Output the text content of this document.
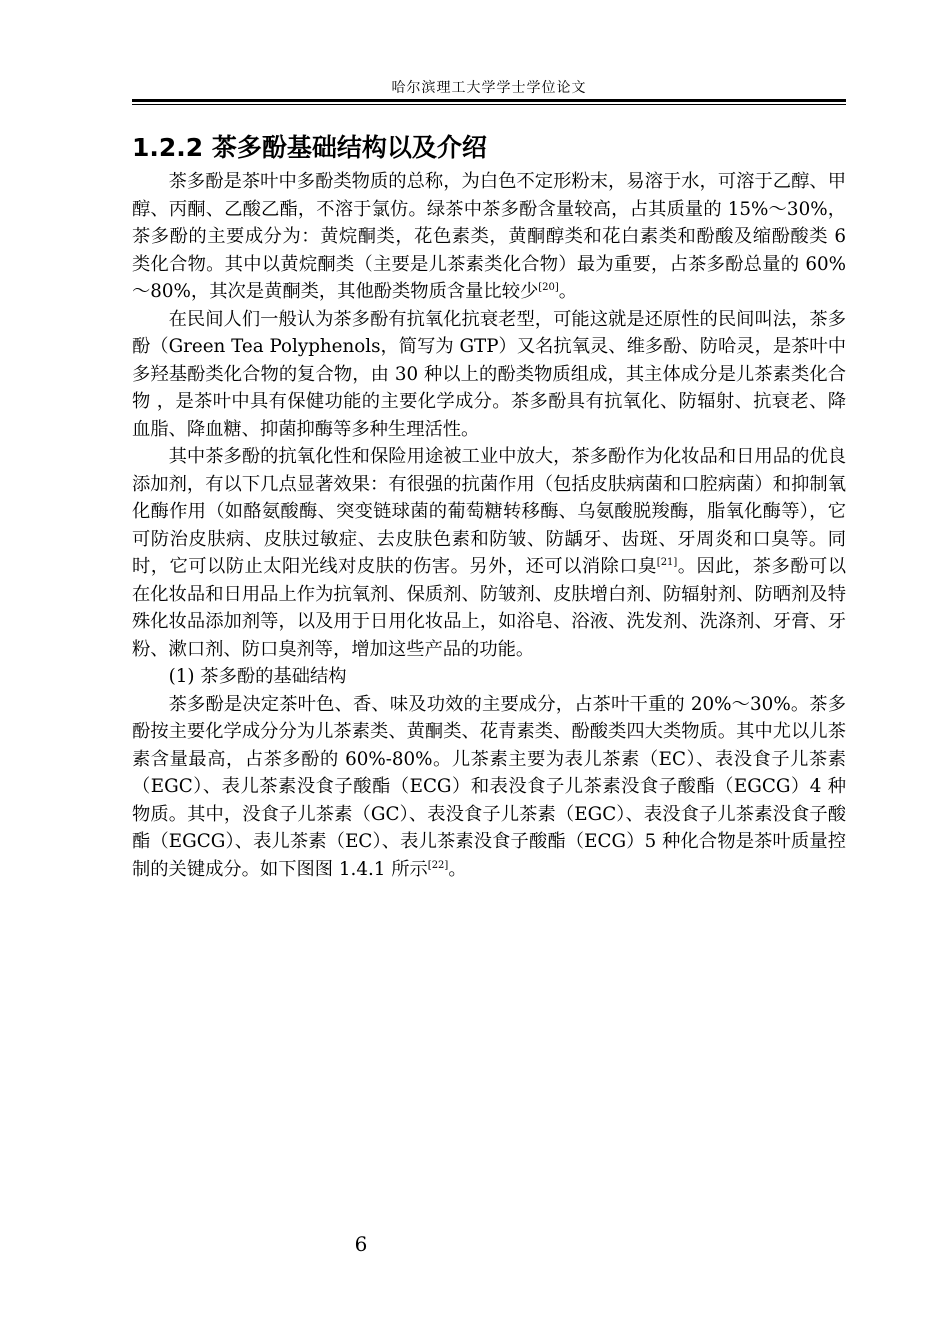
哈尔滨理工大学学士学位论文
1.2.2 茶多酚基础结构以及介绍

茶多酚是茶叶中多酚类物质的总称，为白色不定形粉末，易溶于水，可溶于乙醇、甲醇、丙酮、乙酸乙酯，不溶于氯仿。绿茶中茶多酚含量较高，占其质量的 15%～30%，茶多酚的主要成分为：黄烷酮类，花色素类，黄酮醇类和花白素类和酚酸及缩酚酸类 6 类化合物。其中以黄烷酮类（主要是儿茶素类化合物）最为重要，占茶多酚总量的 60%～80%，其次是黄酮类，其他酚类物质含量比较少[20]。

在民间人们一般认为茶多酚有抗氧化抗衰老型，可能这就是还原性的民间叫法，茶多酚（Green Tea Polyphenols，简写为 GTP）又名抗氧灵、维多酚、防哈灵，是茶叶中多羟基酚类化合物的复合物，由 30 种以上的酚类物质组成，其主体成分是儿茶素类化合物 ，是茶叶中具有保健功能的主要化学成分。茶多酚具有抗氧化、防辐射、抗衰老、降血脂、降血糖、抑菌抑酶等多种生理活性。

其中茶多酚的抗氧化性和保险用途被工业中放大，茶多酚作为化妆品和日用品的优良添加剂，有以下几点显著效果：有很强的抗菌作用（包括皮肤病菌和口腔病菌）和抑制氧化酶作用（如酪氨酸酶、突变链球菌的葡萄糖转移酶、乌氨酸脱羧酶，脂氧化酶等），它可防治皮肤病、皮肤过敏症、去皮肤色素和防皱、防龋牙、齿斑、牙周炎和口臭等。同时，它可以防止太阳光线对皮肤的伤害。另外，还可以消除口臭[21]。因此，茶多酚可以在化妆品和日用品上作为抗氧剂、保质剂、防皱剂、皮肤增白剂、防辐射剂、防晒剂及特殊化妆品添加剂等，以及用于日用化妆品上，如浴皂、浴液、洗发剂、洗涤剂、牙膏、牙粉、漱口剂、防口臭剂等，增加这些产品的功能。

(1) 茶多酚的基础结构

茶多酚是决定茶叶色、香、味及功效的主要成分，占茶叶干重的 20%～30%。茶多酚按主要化学成分分为儿茶素类、黄酮类、花青素类、酚酸类四大类物质。其中尤以儿茶素含量最高，占茶多酚的 60%-80%。儿茶素主要为表儿茶素（EC）、表没食子儿茶素（EGC）、表儿茶素没食子酸酯（ECG）和表没食子儿茶素没食子酸酯（EGCG）4 种物质。其中，没食子儿茶素（GC）、表没食子儿茶素（EGC）、表没食子儿茶素没食子酸酯（EGCG）、表儿茶素（EC）、表儿茶素没食子酸酯（ECG）5 种化合物是茶叶质量控制的关键成分。如下图图 1.4.1 所示[22]。

6
